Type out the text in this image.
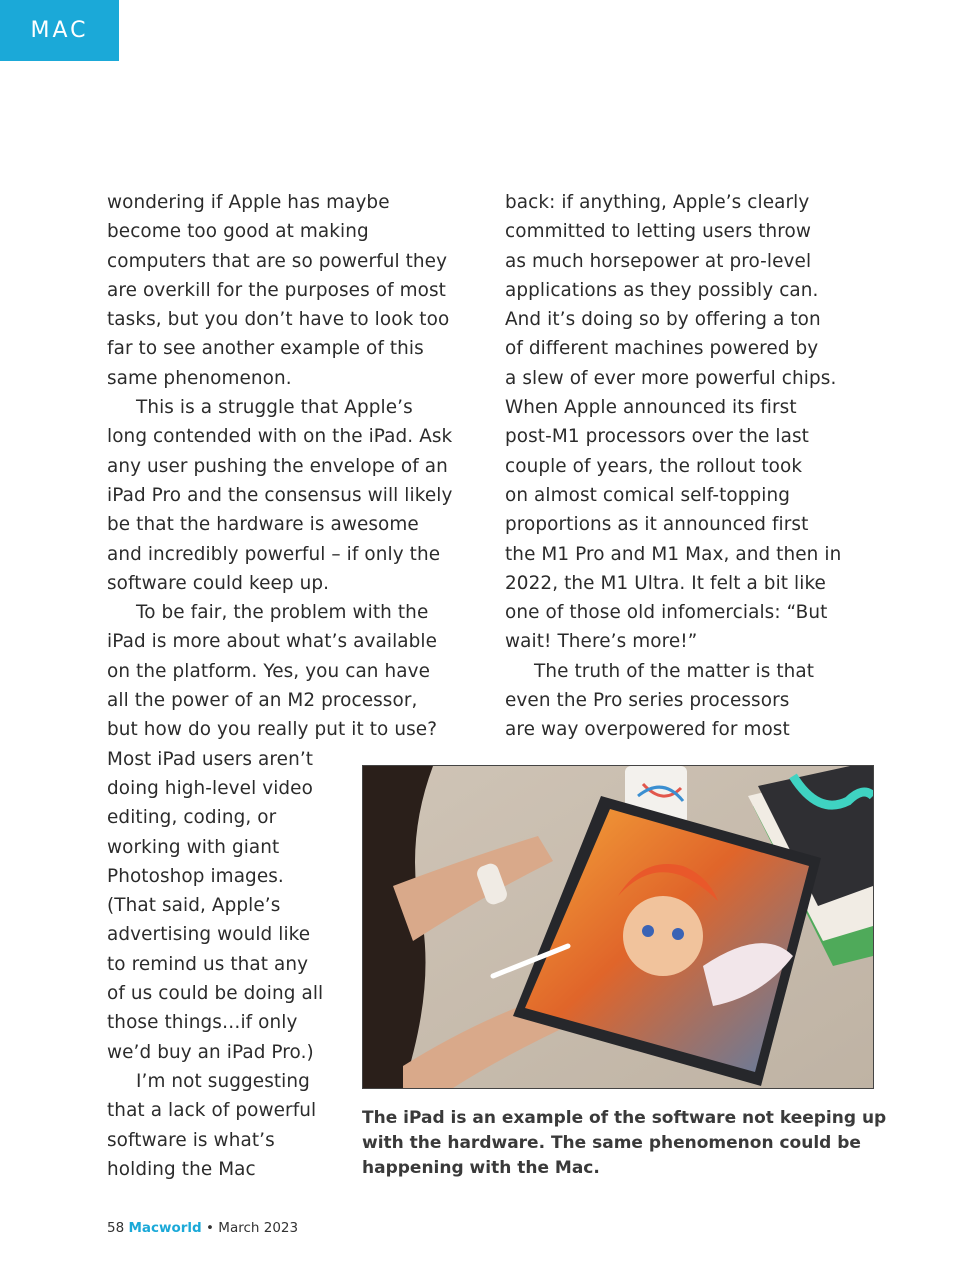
MAC
wondering if Apple has maybe
become too good at making
computers that are so powerful they
are overkill for the purposes of most
tasks, but you don’t have to look too
far to see another example of this
same phenomenon.
This is a struggle that Apple’s
long contended with on the iPad. Ask
any user pushing the envelope of an
iPad Pro and the consensus will likely
be that the hardware is awesome
and incredibly powerful – if only the
software could keep up.
To be fair, the problem with the
iPad is more about what’s available
on the platform. Yes, you can have
all the power of an M2 processor,
but how do you really put it to use?
Most iPad users aren’t
doing high-level video
editing, coding, or
working with giant
Photoshop images.
(That said, Apple’s
advertising would like
to remind us that any
of us could be doing all
those things…if only
we’d buy an iPad Pro.)
I’m not suggesting
that a lack of powerful
software is what’s
holding the Mac
back: if anything, Apple’s clearly
committed to letting users throw
as much horsepower at pro-level
applications as they possibly can.
And it’s doing so by offering a ton
of different machines powered by
a slew of ever more powerful chips.
When Apple announced its first
post-M1 processors over the last
couple of years, the rollout took
on almost comical self-topping
proportions as it announced first
the M1 Pro and M1 Max, and then in
2022, the M1 Ultra. It felt a bit like
one of those old infomercials: “But
wait! There’s more!”
The truth of the matter is that
even the Pro series processors
are way overpowered for most
The iPad is an example of the software not keeping up
with the hardware. The same phenomenon could be
happening with the Mac.
58 Macworld • March 2023
